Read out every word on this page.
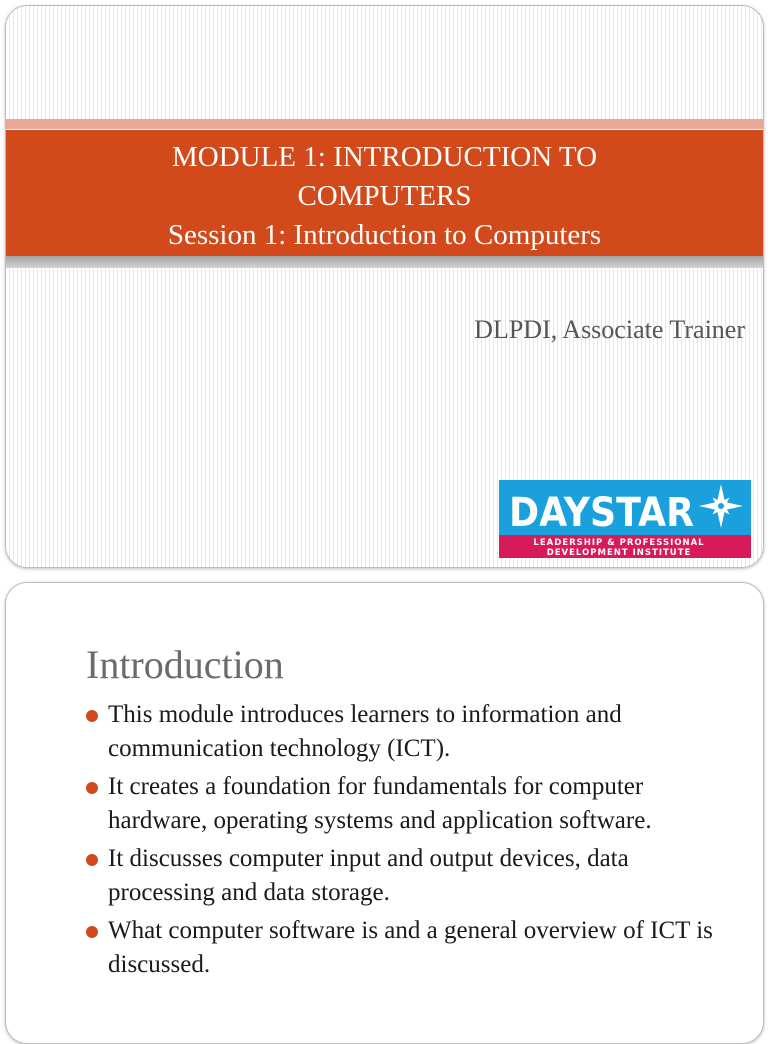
MODULE 1: INTRODUCTION TO
COMPUTERS
Session 1: Introduction to Computers
DLPDI, Associate Trainer
DAYSTAR
LEADERSHIP & PROFESSIONAL
DEVELOPMENT INSTITUTE
Introduction
This module introduces learners to information and communication technology (ICT).
It creates a foundation for fundamentals for computer hardware, operating systems and application software.
It discusses computer input and output devices, data processing and data storage.
What computer software is and a general overview of ICT is discussed.
